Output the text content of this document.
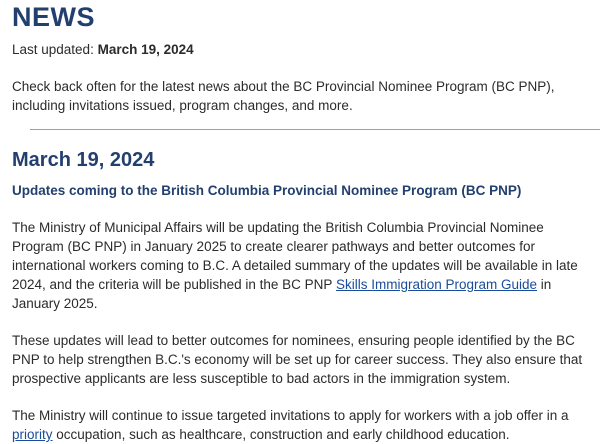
NEWS
Last updated: March 19, 2024

Check back often for the latest news about the BC Provincial Nominee Program (BC PNP), including invitations issued, program changes, and more.

March 19, 2024
Updates coming to the British Columbia Provincial Nominee Program (BC PNP)

The Ministry of Municipal Affairs will be updating the British Columbia Provincial Nominee Program (BC PNP) in January 2025 to create clearer pathways and better outcomes for international workers coming to B.C. A detailed summary of the updates will be available in late 2024, and the criteria will be published in the BC PNP Skills Immigration Program Guide in January 2025.

These updates will lead to better outcomes for nominees, ensuring people identified by the BC PNP to help strengthen B.C.'s economy will be set up for career success. They also ensure that prospective applicants are less susceptible to bad actors in the immigration system.

The Ministry will continue to issue targeted invitations to apply for workers with a job offer in a priority occupation, such as healthcare, construction and early childhood education.
